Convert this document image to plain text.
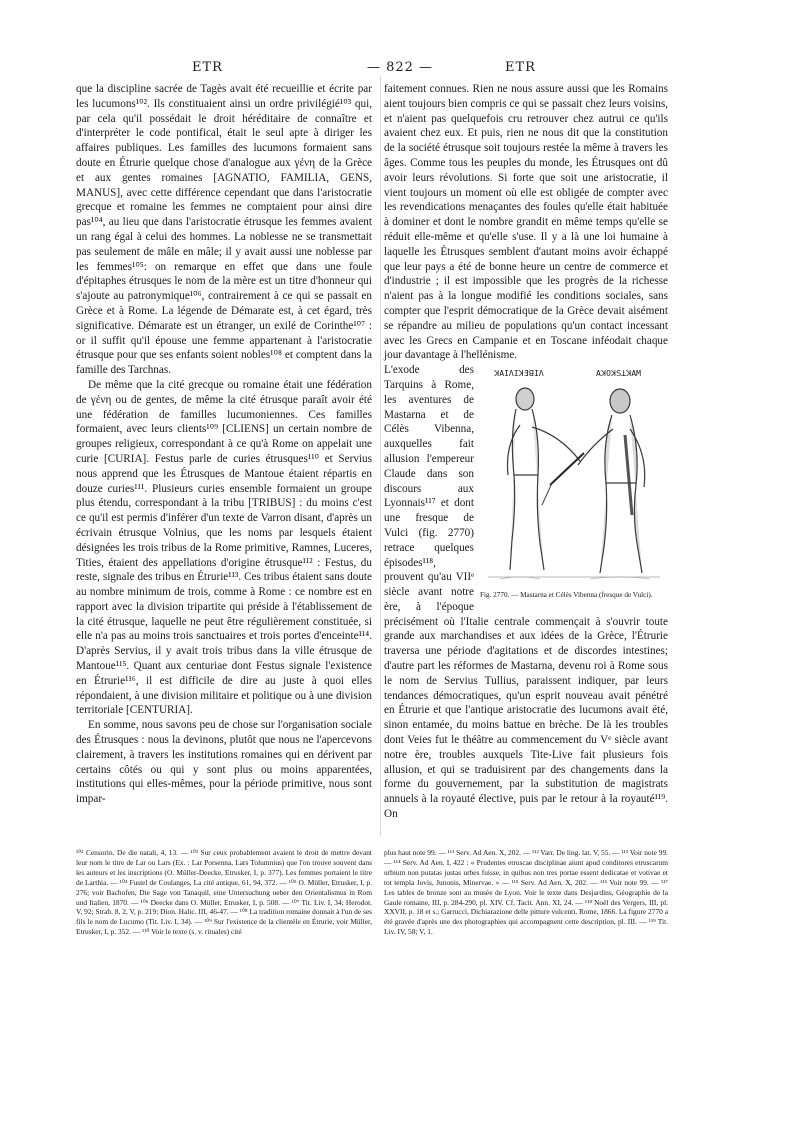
ETR	— 822 —	ETR

que la discipline sacrée de Tagès avait été recueillie et écrite par les lucumons¹⁰². Ils constituaient ainsi un ordre privilégié¹⁰³ qui, par cela qu'il possédait le droit héréditaire de connaître et d'interpréter le code pontifical, était le seul apte à diriger les affaires publiques. Les familles des lucumons formaient sans doute en Étrurie quelque chose d'analogue aux γένη de la Grèce et aux gentes romaines [AGNATIO, FAMILIA, GENS, MANUS], avec cette différence cependant que dans l'aristocratie grecque et romaine les femmes ne comptaient pour ainsi dire pas¹⁰⁴, au lieu que dans l'aristocratie étrusque les femmes avaient un rang égal à celui des hommes. La noblesse ne se transmettait pas seulement de mâle en mâle; il y avait aussi une noblesse par les femmes¹⁰⁵: on remarque en effet que dans une foule d'épitaphes étrusques le nom de la mère est un titre d'honneur qui s'ajoute au patronymique¹⁰⁶, contrairement à ce qui se passait en Grèce et à Rome. La légende de Démarate est, à cet égard, très significative. Démarate est un étranger, un exilé de Corinthe¹⁰⁷ : or il suffit qu'il épouse une femme appartenant à l'aristocratie étrusque pour que ses enfants soient nobles¹⁰⁸ et comptent dans la famille des Tarchnas.

De même que la cité grecque ou romaine était une fédération de γένη ou de gentes, de même la cité étrusque paraît avoir été une fédération de familles lucumoniennes. Ces familles formaient, avec leurs clients¹⁰⁹ [CLIENS] un certain nombre de groupes religieux, correspondant à ce qu'à Rome on appelait une curie [CURIA]. Festus parle de curies étrusques¹¹⁰ et Servius nous apprend que les Étrusques de Mantoue étaient répartis en douze curies¹¹¹. Plusieurs curies ensemble formaient un groupe plus étendu, correspondant à la tribu [TRIBUS] : du moins c'est ce qu'il est permis d'inférer d'un texte de Varron disant, d'après un écrivain étrusque Volnius, que les noms par lesquels étaient désignées les trois tribus de la Rome primitive, Ramnes, Luceres, Tities, étaient des appellations d'origine étrusque¹¹² : Festus, du reste, signale des tribus en Étrurie¹¹³. Ces tribus étaient sans doute au nombre minimum de trois, comme à Rome : ce nombre est en rapport avec la division tripartite qui préside à l'établissement de la cité étrusque, laquelle ne peut être régulièrement constituée, si elle n'a pas au moins trois sanctuaires et trois portes d'enceinte¹¹⁴. D'après Servius, il y avait trois tribus dans la ville étrusque de Mantoue¹¹⁵. Quant aux centuriae dont Festus signale l'existence en Étrurie¹¹⁶, il est difficile de dire au juste à quoi elles répondaient, à une division militaire et politique ou à une division territoriale [CENTURIA].

En somme, nous savons peu de chose sur l'organisation sociale des Étrusques : nous la devinons, plutôt que nous ne l'apercevons clairement, à travers les institutions romaines qui en dérivent par certains côtés ou qui y sont plus ou moins apparentées, institutions qui elles-mêmes, pour la période primitive, nous sont impar-

faitement connues. Rien ne nous assure aussi que les Romains aient toujours bien compris ce qui se passait chez leurs voisins, et n'aient pas quelquefois cru retrouver chez autrui ce qu'ils avaient chez eux. Et puis, rien ne nous dit que la constitution de la société étrusque soit toujours restée la même à travers les âges. Comme tous les peuples du monde, les Étrusques ont dû avoir leurs révolutions. Si forte que soit une aristocratie, il vient toujours un moment où elle est obligée de compter avec les revendications menaçantes des foules qu'elle était habituée à dominer et dont le nombre grandit en même temps qu'elle se réduit elle-même et qu'elle s'use. Il y a là une loi humaine à laquelle les Étrusques semblent d'autant moins avoir échappé que leur pays a été de bonne heure un centre de commerce et d'industrie ; il est impossible que les progrès de la richesse n'aient pas à la longue modifié les conditions sociales, sans compter que l'esprit démocratique de la Grèce devait aisément se répandre au milieu de populations qu'un contact incessant avec les Grecs en Campanie et en Toscane inféodait chaque jour davantage à l'hellénisme.

ꓘAIΛIꓘƎꓭIΛ	AꓘOꓘꓢꓕꓘAM
Fig. 2770. — Mastarna et Célès Vibenna (fresque de Vulci).

L'exode des Tarquins à Rome, les aventures de Mastarna et de Célès Vibenna, auxquelles fait allusion l'empereur Claude dans son discours aux Lyonnais¹¹⁷ et dont une fresque de Vulci (fig. 2770) retrace quelques épisodes¹¹⁸, prouvent qu'au VIIᵉ siècle avant notre ère, à l'époque précisément où l'Italie centrale commençait à s'ouvrir toute grande aux marchandises et aux idées de la Grèce, l'Étrurie traversa une période d'agitations et de discordes intestines; d'autre part les réformes de Mastarna, devenu roi à Rome sous le nom de Servius Tullius, paraissent indiquer, par leurs tendances démocratiques, qu'un esprit nouveau avait pénétré en Étrurie et que l'antique aristocratie des lucumons avait été, sinon entamée, du moins battue en brèche. De là les troubles dont Veies fut le théâtre au commencement du Vᵉ siècle avant notre ère, troubles auxquels Tite-Live fait plusieurs fois allusion, et qui se traduisirent par des changements dans la forme du gouvernement, par la substitution de magistrats annuels à la royauté élective, puis par le retour à la royauté¹¹⁹. On

¹⁰² Censorin. De die natali, 4, 13. — ¹⁰³ Sur ceux probablement avaient le droit de mettre devant leur nom le titre de Lar ou Lars (Ex. : Lar Porsenna, Lars Tolumnius) que l'on trouve souvent dans les auteurs et les inscriptions (O. Müller-Deecke, Etrusker, I, p. 377). Les femmes portaient le titre de Larthia. — ¹⁰⁴ Fustel de Coulanges, La cité antique, 61, 94, 372. — ¹⁰⁵ O. Müller, Etrusker, I, p. 276; voir Bachofen, Die Sage von Tanaquil, eine Untersuchung ueber den Orientalismus in Rom und Italien, 1870. — ¹⁰⁶ Deecke dans O. Müller, Etrusker, I, p. 508. — ¹⁰⁷ Tit. Liv. I, 34; Herodot. V, 92; Strab. 8, 2, V, p. 219; Dion. Halic. III, 46-47. — ¹⁰⁸ La tradition romaine donnait à l'un de ses fils le nom de Lucumo (Tit. Liv. I, 34). — ¹⁰⁹ Sur l'existence de la clientèle en Étrurie, voir Müller, Etrusker, I, p. 352. — ¹¹⁰ Voir le texte (s. v. rituales) cité
plus haut note 99. — ¹¹¹ Serv. Ad Aen. X, 202. — ¹¹² Varr. De ling. lat. V, 55. — ¹¹³ Voir note 99. — ¹¹⁴ Serv. Ad Aen. I, 422 : « Prudentes etruscae disciplinae aiunt apud conditores etruscarum urbium non putatas justas urbes fuisse, in quibus non tres portae essent dedicatae et votivae et tot templa Jovis, Junonis, Minervae. » — ¹¹⁵ Serv. Ad Aen. X, 202. — ¹¹⁶ Voir note 99. — ¹¹⁷ Les tables de bronze sont au musée de Lyon. Voir le texte dans Desjardins, Géographie de la Gaule romaine, III, p. 284-290, pl. XIV. Cf. Tacit. Ann. XI, 24. — ¹¹⁸ Noël des Vergers, III, pl. XXVII, p. 18 et s.; Garrucci, Dichiarazione delle pitture vulcenti, Rome, 1866. La figure 2770 a été gravée d'après une des photographies qui accompagnent cette description, pl. III. — ¹¹⁹ Tit. Liv. IV, 58; V, 1.
